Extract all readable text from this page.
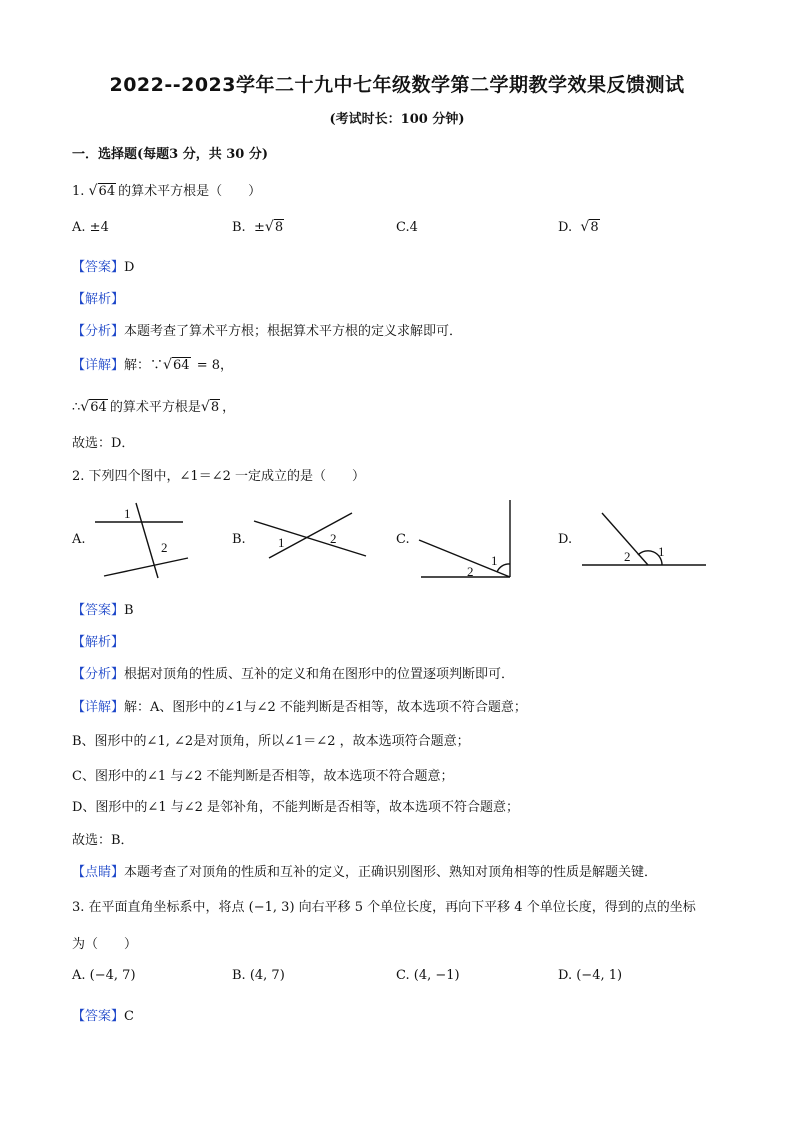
2022--2023学年二十九中七年级数学第二学期教学效果反馈测试
(考试时长：100 分钟)
一．选择题(每题3 分，共 30 分)
1. √ 64 的算术平方根是（　　）
A. ±4	B. ± √ 8	C.4	D. √ 8
【答案】D
【解析】
【分析】本题考查了算术平方根；根据算术平方根的定义求解即可．
【详解】解：∵ √ 64 = 8，
∴ √ 64 的算术平方根是 √ 8 ，
故选：D．
2. 下列四个图中，∠1＝∠2 一定成立的是（　　）
A.
1
2
B. 1	2	C.
2
1
D.
2 1
【答案】B
【解析】
【分析】根据对顶角的性质、互补的定义和角在图形中的位置逐项判断即可．
【详解】解：A、图形中的∠1与∠2 不能判断是否相等，故本选项不符合题意；
B、图形中的∠1, ∠2是对顶角，所以∠1＝∠2 ，故本选项符合题意；
C、图形中的∠1 与∠2 不能判断是否相等，故本选项不符合题意；
D、图形中的∠1 与∠2 是邻补角，不能判断是否相等，故本选项不符合题意；
故选：B．
【点睛】本题考查了对顶角的性质和互补的定义，正确识别图形、熟知对顶角相等的性质是解题关键．
3. 在平面直角坐标系中，将点 (−1, 3) 向右平移 5 个单位长度，再向下平移 4 个单位长度，得到的点的坐标
为（　　）
A. (−4, 7)	B. (4, 7)	C. (4, −1)	D. (−4, 1)
【答案】C
